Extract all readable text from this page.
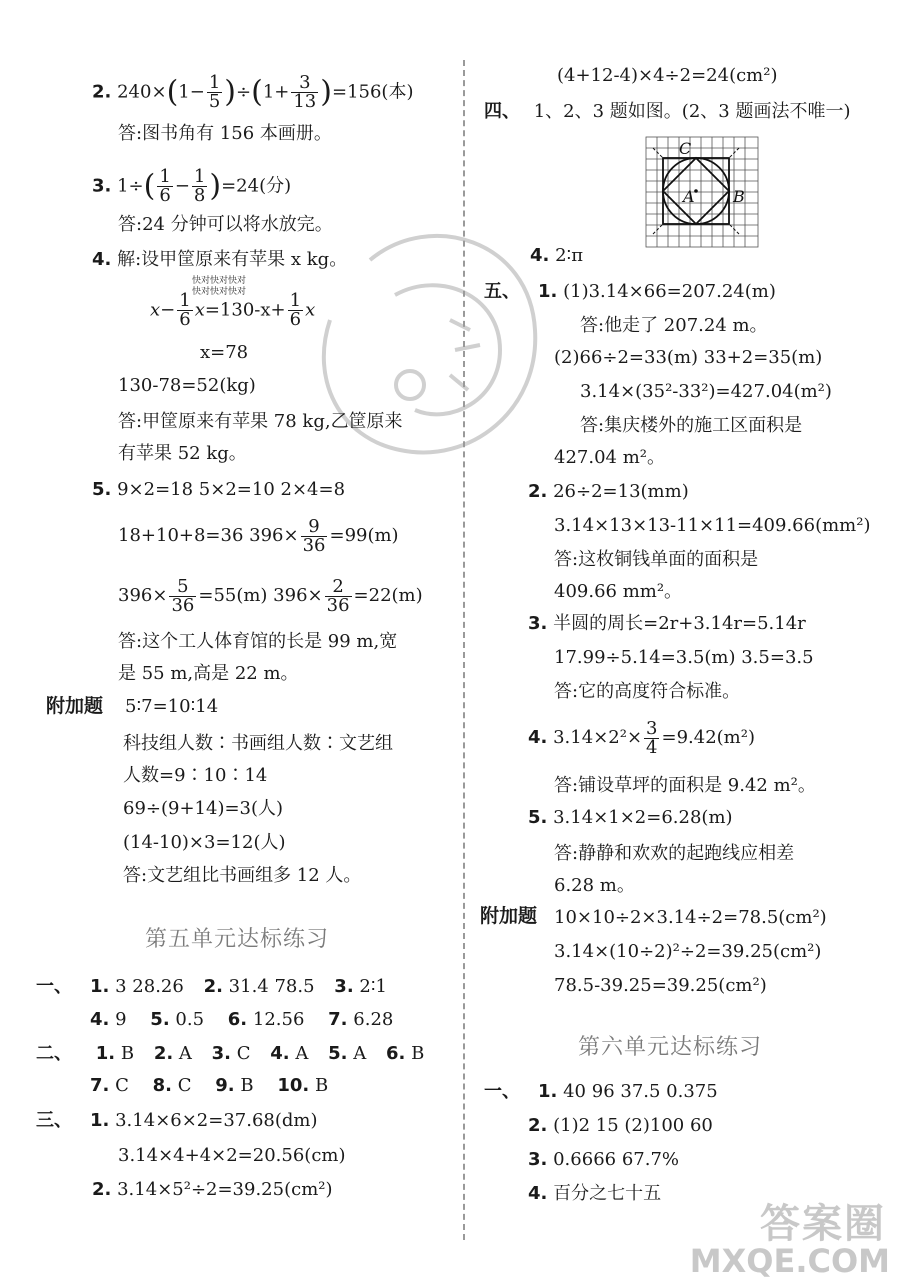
2. $240\times(1- \frac{1}{5} )\div(1+ \frac{3}{13} )=156$(本)
答:图书角有 156 本画册。
3. $1\div( \frac{1}{6} - \frac{1}{8} )=24$(分)
答:24 分钟可以将水放完。
4. 解:设甲筐原来有苹果 x kg。
快对快对快对
快对快对快对
$x- \frac{1}{6} x=130-x+ \frac{1}{6}$ x
x=78
130-78=52(kg)
答:甲筐原来有苹果 78 kg,乙筐原来
有苹果 52 kg。
5. 9×2=18 5×2=10 2×4=8
18+10+8=36 $396\times \frac{9}{36} =99(m)$
$396\times \frac{5}{36} =55(m)$ $396\times \frac{2}{36} =22(m)$
答:这个工人体育馆的长是 99 m,宽
是 55 m,高是 22 m。
附加题 5∶7=10∶14
科技组人数∶书画组人数∶文艺组
人数=9∶10∶14
69÷(9+14)=3(人)
(14-10)×3=12(人)
答:文艺组比书画组多 12 人。
第五单元达标练习
一、 1. 3 28.26 2. 31.4 78.5 3. 2∶1
4. 9 5. 0.5 6. 12.56 7. 6.28
二、 1. B 2. A 3. C 4. A 5. A 6. B
7. C 8. C 9. B 10. B
三、 1. 3.14×6×2=37.68(dm)
3.14×4+4×2=20.56(cm)
2. 3.14×5²÷2=39.25(cm²)
(4+12-4)×4÷2=24(cm²)
四、 1、2、3 题如图。(2、3 题画法不唯一)
C
A B
4. 2∶π
五、 1. (1)3.14×66=207.24(m)
答:他走了 207.24 m。
(2)66÷2=33(m) 33+2=35(m)
3.14×(35²-33²)=427.04(m²)
答:集庆楼外的施工区面积是
427.04 m²。
2. 26÷2=13(mm)
3.14×13×13-11×11=409.66(mm²)
答:这枚铜钱单面的面积是
409.66 mm²。
3. 半圆的周长=2r+3.14r=5.14r
17.99÷5.14=3.5(m) 3.5=3.5
答:它的高度符合标准。
4. $3.14\times 2^2\times \frac{3}{4} =9.42(m^2)$
答:铺设草坪的面积是 9.42 m²。
5. 3.14×1×2=6.28(m)
答:静静和欢欢的起跑线应相差
6.28 m。
附加题 10×10÷2×3.14÷2=78.5(cm²)
3.14×(10÷2)²÷2=39.25(cm²)
78.5-39.25=39.25(cm²)
第六单元达标练习
一、 1. 40 96 37.5 0.375
2. (1)2 15 (2)100 60
3. 0.6666 67.7%
4. 百分之七十五
答案圈
MXQE.COM
